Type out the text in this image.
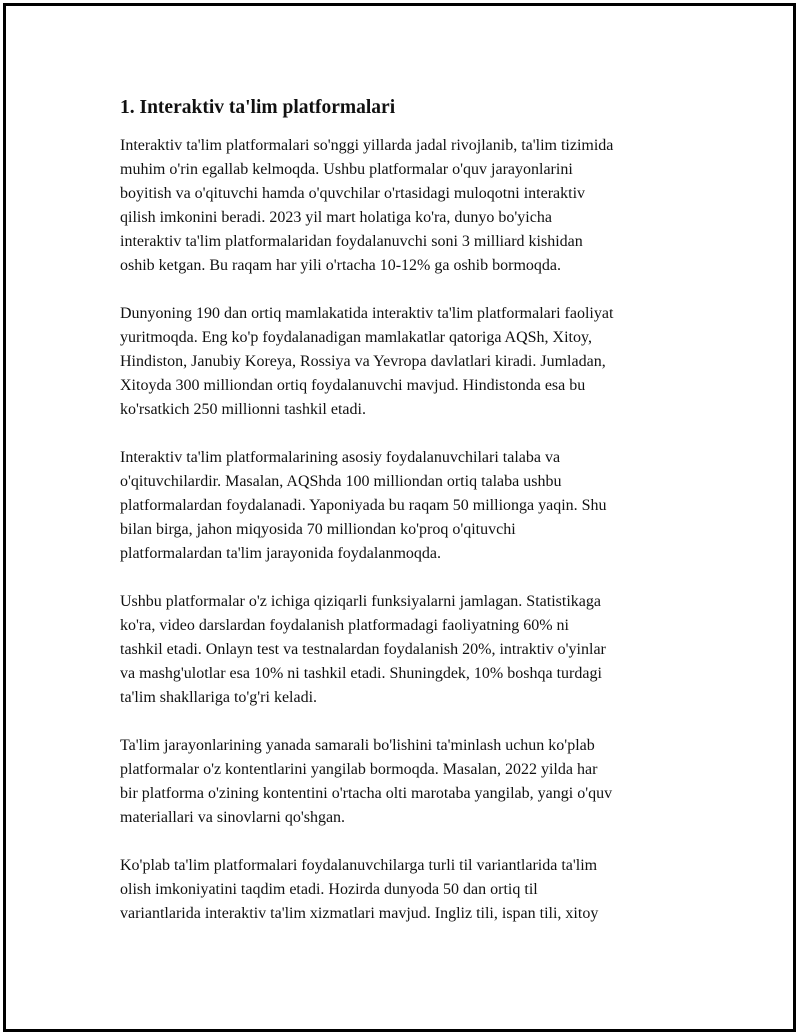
1. Interaktiv ta'lim platformalari

Interaktiv ta'lim platformalari so'nggi yillarda jadal rivojlanib, ta'lim tizimida
muhim o'rin egallab kelmoqda. Ushbu platformalar o'quv jarayonlarini
boyitish va o'qituvchi hamda o'quvchilar o'rtasidagi muloqotni interaktiv
qilish imkonini beradi. 2023 yil mart holatiga ko'ra, dunyo bo'yicha
interaktiv ta'lim platformalaridan foydalanuvchi soni 3 milliard kishidan
oshib ketgan. Bu raqam har yili o'rtacha 10-12% ga oshib bormoqda.

Dunyoning 190 dan ortiq mamlakatida interaktiv ta'lim platformalari faoliyat
yuritmoqda. Eng ko'p foydalanadigan mamlakatlar qatoriga AQSh, Xitoy,
Hindiston, Janubiy Koreya, Rossiya va Yevropa davlatlari kiradi. Jumladan,
Xitoyda 300 milliondan ortiq foydalanuvchi mavjud. Hindistonda esa bu
ko'rsatkich 250 millionni tashkil etadi.

Interaktiv ta'lim platformalarining asosiy foydalanuvchilari talaba va
o'qituvchilardir. Masalan, AQShda 100 milliondan ortiq talaba ushbu
platformalardan foydalanadi. Yaponiyada bu raqam 50 millionga yaqin. Shu
bilan birga, jahon miqyosida 70 milliondan ko'proq o'qituvchi
platformalardan ta'lim jarayonida foydalanmoqda.

Ushbu platformalar o'z ichiga qiziqarli funksiyalarni jamlagan. Statistikaga
ko'ra, video darslardan foydalanish platformadagi faoliyatning 60% ni
tashkil etadi. Onlayn test va testnalardan foydalanish 20%, intraktiv o'yinlar
va mashg'ulotlar esa 10% ni tashkil etadi. Shuningdek, 10% boshqa turdagi
ta'lim shakllariga to'g'ri keladi.

Ta'lim jarayonlarining yanada samarali bo'lishini ta'minlash uchun ko'plab
platformalar o'z kontentlarini yangilab bormoqda. Masalan, 2022 yilda har
bir platforma o'zining kontentini o'rtacha olti marotaba yangilab, yangi o'quv
materiallari va sinovlarni qo'shgan.

Ko'plab ta'lim platformalari foydalanuvchilarga turli til variantlarida ta'lim
olish imkoniyatini taqdim etadi. Hozirda dunyoda 50 dan ortiq til
variantlarida interaktiv ta'lim xizmatlari mavjud. Ingliz tili, ispan tili, xitoy
